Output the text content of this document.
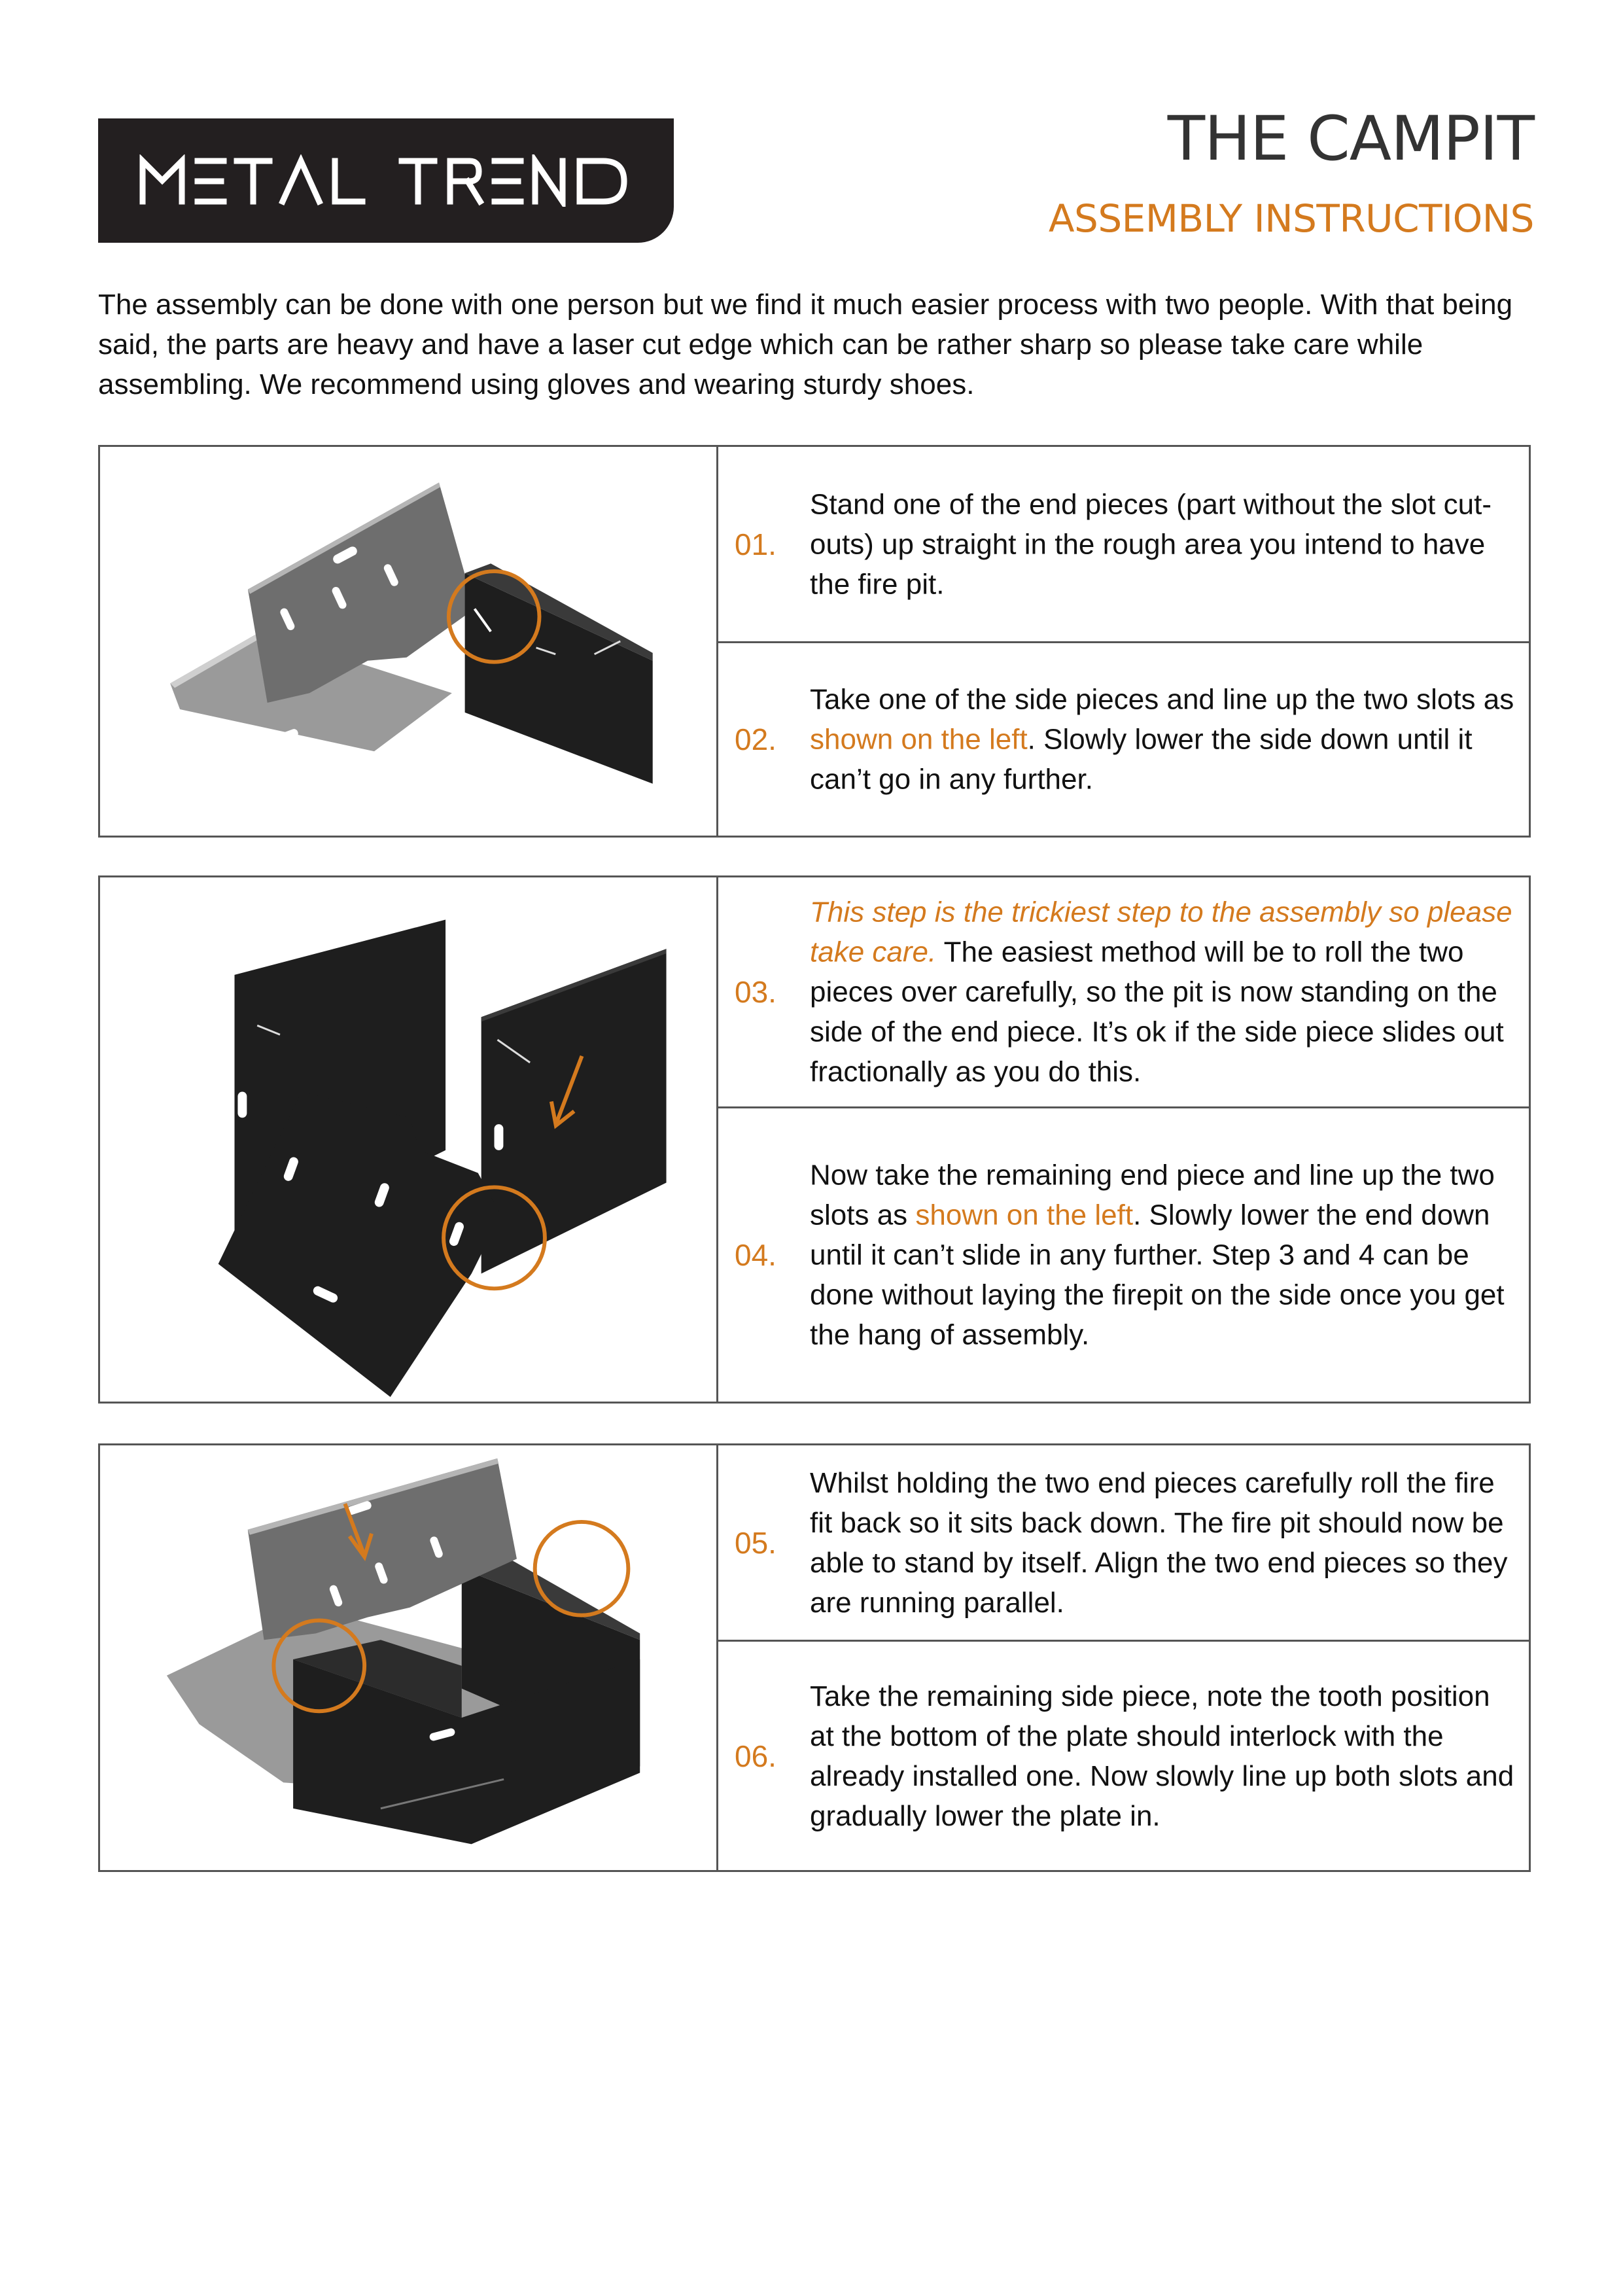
THE CAMPIT
ASSEMBLY INSTRUCTIONS

The assembly can be done with one person but we find it much easier process with two people. With that being said, the parts are heavy and have a laser cut edge which can be rather sharp so please take care while assembling. We recommend using gloves and wearing sturdy shoes.

01.
Stand one of the end pieces (part without the slot cut-outs) up straight in the rough area you intend to have the fire pit.
02.
Take one of the side pieces and line up the two slots as shown on the left. Slowly lower the side down until it can’t go in any further.
03.
This step is the trickiest step to the assembly so please take care. The easiest method will be to roll the two pieces over carefully, so the pit is now standing on the side of the end piece. It’s ok if the side piece slides out fractionally as you do this.
04.
Now take the remaining end piece and line up the two slots as shown on the left. Slowly lower the end down until it can’t slide in any further. Step 3 and 4 can be done without laying the firepit on the side once you get the hang of assembly.
05.
Whilst holding the two end pieces carefully roll the fire fit back so it sits back down. The fire pit should now be able to stand by itself. Align the two end pieces so they are running parallel.
06.
Take the remaining side piece, note the tooth position at the bottom of the plate should interlock with the already installed one. Now slowly line up both slots and gradually lower the plate in.
